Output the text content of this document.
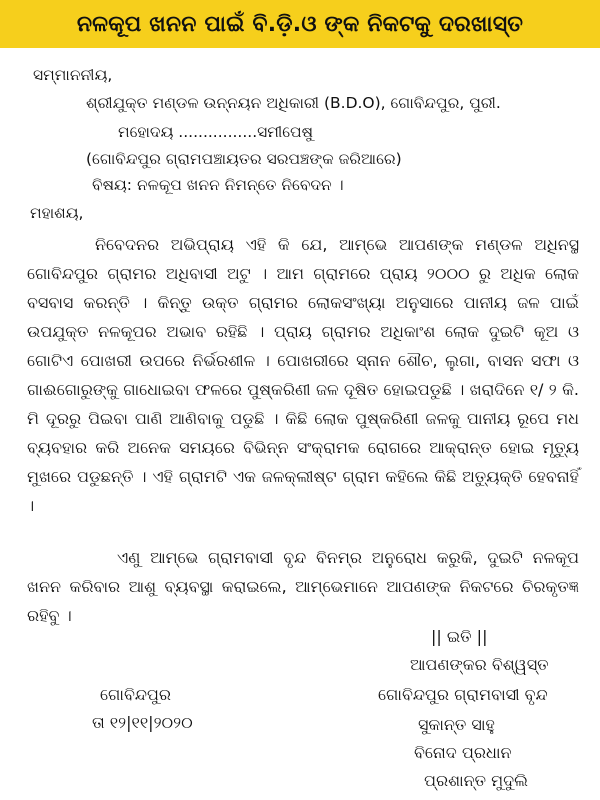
ନଳକୂପ ଖନନ ପାଇଁ ବି.ଡ଼ି.ଓ ଙ୍କ ନିକଟକୁ ଦରଖାସ୍ତ
ସମ୍ମାନନୀୟ,
ଶ୍ରୀଯୁକ୍ତ ମଣ୍ଡଳ ଉନ୍ନୟନ ଅଧିକାରୀ (B.D.O), ଗୋବିନ୍ଦପୁର, ପୁରୀ.
ମହୋଦୟ ................ସମୀପେଷୁ
(ଗୋବିନ୍ଦପୁର ଗ୍ରାମପଞ୍ଚାୟତର ସରପଞ୍ଚଙ୍କ ଜରିଆରେ)
ବିଷୟ: ନଳକୂପ ଖନନ ନିମନ୍ତେ ନିବେଦନ ।
ମହାଶୟ,
ନିବେଦନର ଅଭିପ୍ରାୟ ଏହି କି ଯେ, ଆମ୍ଭେ ଆପଣଙ୍କ ମଣ୍ଡଳ ଅଧିନସ୍ଥ ଗୋବିନ୍ଦପୁର ଗ୍ରାମର ଅଧିବାସୀ ଅଟୁ । ଆମ ଗ୍ରାମରେ ପ୍ରାୟ ୨୦୦୦ ରୁ ଅଧିକ ଲୋକ ବସବାସ କରନ୍ତି । କିନ୍ତୁ ଉକ୍ତ ଗ୍ରାମର ଲୋକସଂଖ୍ୟା ଅନୁସାରେ ପାନୀୟ ଜଳ ପାଇଁ ଉପଯୁକ୍ତ ନଳକୂପର ଅଭାବ ରହିଛି । ପ୍ରାୟ ଗ୍ରାମର ଅଧିକାଂଶ ଲୋକ ଦୁଇଟି କୂଅ ଓ ଗୋଟିଏ ପୋଖରୀ ଉପରେ ନିର୍ଭରଶୀଳ । ପୋଖରୀରେ ସ୍ନାନ ଶୌଚ, ଲୁଗା, ବାସନ ସଫା ଓ ଗାଈଗୋରୁଙ୍କୁ ଗାଧୋଇବା ଫଳରେ ପୁଷ୍କରିଣୀ ଜଳ ଦୂଷିତ ହୋଇପଡୁଛି । ଖରାଦିନେ ୧/ ୨ କି. ମି ଦୂରରୁ ପିଇବା ପାଣି ଆଣିବାକୁ ପଡୁଛି । କିଛି ଲୋକ ପୁଷ୍କରିଣୀ ଜଳକୁ ପାନୀୟ ରୂପେ ମଧ ବ୍ୟବହାର କରି ଅନେକ ସମୟରେ ବିଭିନ୍ନ ସଂକ୍ରାମକ ରୋଗରେ ଆକ୍ରାନ୍ତ ହୋଇ ମୃତ୍ୟୁ ମୁଖରେ ପଡୁଛନ୍ତି । ଏହି ଗ୍ରାମଟି ଏକ ଜଳକ୍ଲୀଷ୍ଟ ଗ୍ରାମ କହିଲେ କିଛି ଅତ୍ୟୁକ୍ତି ହେବନାହିଁ ।
ଏଣୁ ଆମ୍ଭେ ଗ୍ରାମବାସୀ ବୃନ୍ଦ ବିନମ୍ର ଅନୁରୋଧ କରୁକି, ଦୁଇଟି ନଳକୂପ ଖନନ କରିବାର ଆଶୁ ବ୍ୟବସ୍ଥା କରାଇଲେ, ଆମ୍ଭେମାନେ ଆପଣଙ୍କ ନିକଟରେ ଚିରକୃତଜ୍ଞ ରହିବୁ ।
|| ଇତି ||
ଆପଣଙ୍କର ବିଶ୍ୱସ୍ତ
ଗୋବିନ୍ଦପୁର ଗ୍ରାମବାସୀ ବୃନ୍ଦ
ସୁକାନ୍ତ ସାହୁ
ବିନୋଦ ପ୍ରଧାନ
ପ୍ରଶାନ୍ତ ମୁଦୁଲି
ଗୋବିନ୍ଦପୁର
ତା ୧୨|୧୧|୨୦୨୦
